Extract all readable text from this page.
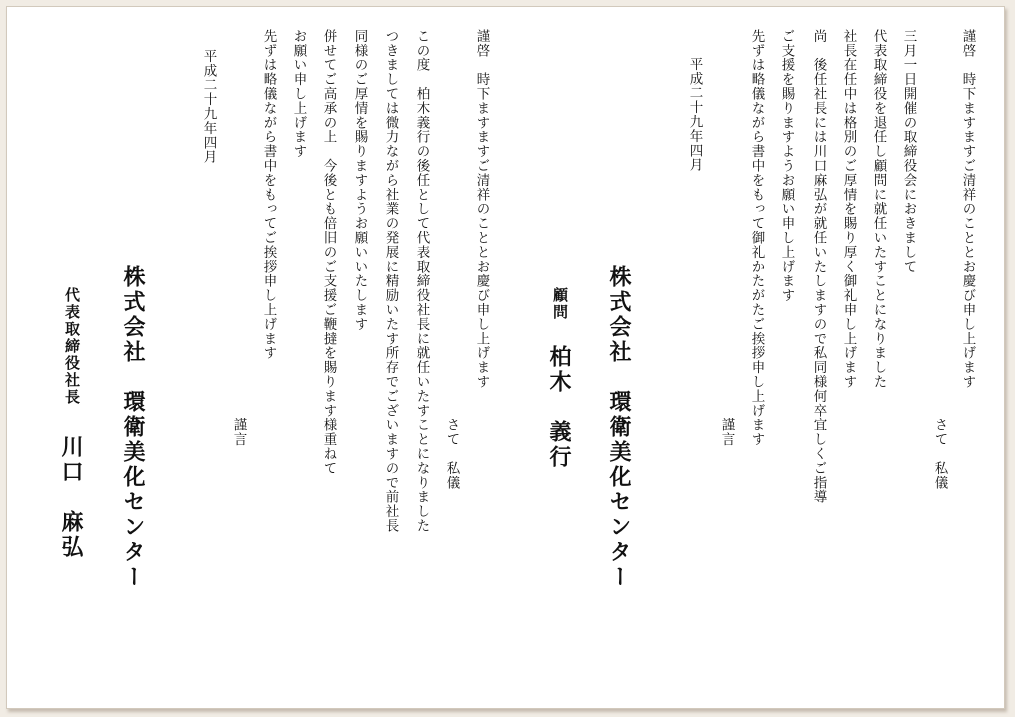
謹啓　時下ますますご清祥のこととお慶び申し上げます
　　　　　　　　　　　　　　　　　　　　　　　　　　　さて　私儀
三月一日開催の取締役会におきまして
代表取締役を退任し顧問に就任いたすことになりました
社長在任中は格別のご厚情を賜り厚く御礼申し上げます
尚　後任社長には川口麻弘が就任いたしますので私同様何卒宜しくご指導
ご支援を賜りますようお願い申し上げます
先ずは略儀ながら書中をもって御礼かたがたご挨拶申し上げます
　　　　　　　　　　　　　　　　　　　　　　　　　　　謹言
平成二十九年四月
株式会社　環衛美化センター
顧問
柏木　義行
謹啓　時下ますますご清祥のこととお慶び申し上げます
　　　　　　　　　　　　　　　　　　　　　　　　　　　さて　私儀
この度　柏木義行の後任として代表取締役社長に就任いたすことになりました
つきましては微力ながら社業の発展に精励いたす所存でございますので前社長
同様のご厚情を賜りますようお願いいたします
併せてご高承の上　今後とも倍旧のご支援ご鞭撻を賜ります様重ねて
お願い申し上げます
先ずは略儀ながら書中をもってご挨拶申し上げます
　　　　　　　　　　　　　　　　　　　　　　　　　　　謹言
平成二十九年四月
株式会社　環衛美化センター
代表取締役社長
川口　麻弘
